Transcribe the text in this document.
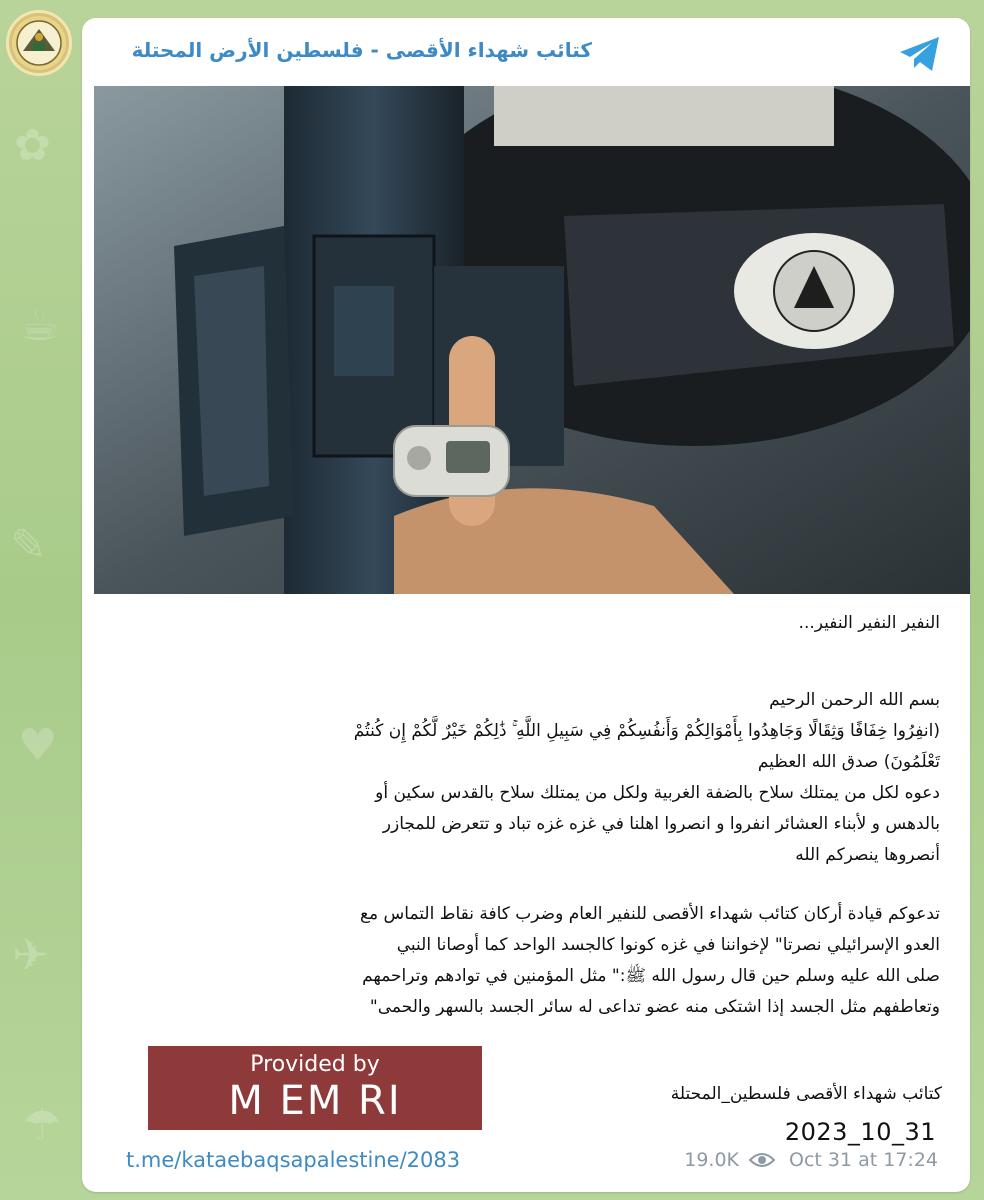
✿
☕
✎
♥
✈
☂
كتائب شهداء الأقصى - فلسطين الأرض المحتلة

النفير النفير النفير...

بسم الله الرحمن الرحيم

(انفِرُوا خِفَافًا وَثِقَالًا وَجَاهِدُوا بِأَمْوَالِكُمْ وَأَنفُسِكُمْ فِي سَبِيلِ اللَّهِ ۚ ذَٰلِكُمْ خَيْرٌ لَّكُمْ إِن كُنتُمْ

تَعْلَمُونَ) صدق الله العظيم

دعوه لكل من يمتلك سلاح بالضفة الغربية ولكل من يمتلك سلاح بالقدس سكين أو

بالدهس و لأبناء العشائر انفروا و انصروا اهلنا في غزه غزه تباد و تتعرض للمجازر

أنصروها ينصركم الله

تدعوكم قيادة أركان كتائب شهداء الأقصى للنفير العام وضرب كافة نقاط التماس مع

العدو الإسرائيلي نصرتا" لإخواننا في غزه كونوا كالجسد الواحد كما أوصانا النبي

صلى الله عليه وسلم حين قال رسول الله ﷺ:" مثل المؤمنين في توادهم وتراحمهم

وتعاطفهم مثل الجسد إذا اشتكى منه عضو تداعى له سائر الجسد بالسهر والحمى"

Provided by
M EM RI	كتائب شهداء الأقصى فلسطين_المحتلة
2023_10_31
t.me/kataebaqsapalestine/2083	19.0K	Oct 31 at 17:24
